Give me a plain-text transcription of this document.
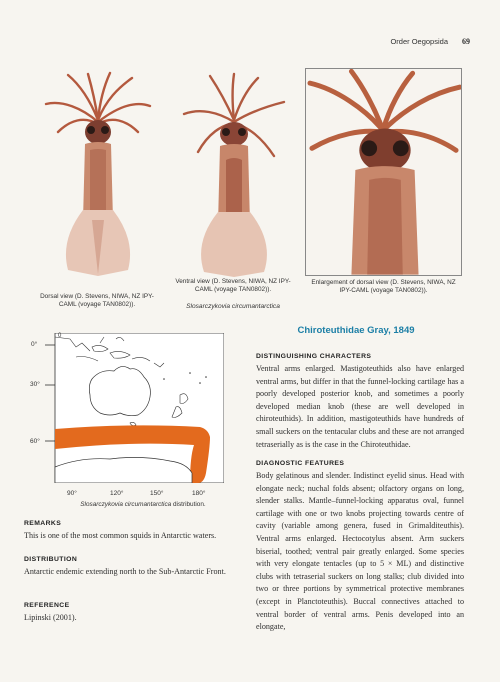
Order Oegopsida 69
Dorsal view (D. Stevens, NIWA, NZ IPY-CAML (voyage TAN0802)).
Ventral view (D. Stevens, NIWA, NZ IPY-CAML (voyage TAN0802)).
Slosarczykovia circumantarctica
Enlargement of dorsal view (D. Stevens, NIWA, NZ IPY-CAML (voyage TAN0802)).
0°
30°
60°
0
90°	120°	150°	180°
Slosarczykovia circumantarctica distribution.
REMARKS
This is one of the most common squids in Antarctic waters.
DISTRIBUTION
Antarctic endemic extending north to the Sub-Antarctic Front.
REFERENCE
Lipinski (2001).
Chiroteuthidae Gray, 1849
DISTINGUISHING CHARACTERS
Ventral arms enlarged. Mastigoteuthids also have enlarged ventral arms, but differ in that the funnel-locking cartilage has a poorly developed posterior knob, and sometimes a poorly developed median knob (these are well developed in chiroteuthids). In addition, mastigoteuthids have hundreds of small suckers on the tentacular clubs and these are not arranged tetraserially as is the case in the Chiroteuthidae.
DIAGNOSTIC FEATURES
Body gelatinous and slender. Indistinct eyelid sinus. Head with elongate neck; nuchal folds absent; olfactory organs on long, slender stalks. Mantle–funnel-locking apparatus oval, funnel cartilage with one or two knobs projecting towards centre of cavity (variable among genera, fused in Grimalditeuthis). Ventral arms enlarged. Hectocotylus absent. Arm suckers biserial, toothed; ventral pair greatly enlarged. Some species with very elongate tentacles (up to 5 × ML) and distinctive clubs with tetraserial suckers on long stalks; club divided into two or three portions by symmetrical protective membranes (except in Planctoteuthis). Buccal connectives attached to ventral border of ventral arms. Penis developed into an elongate,
